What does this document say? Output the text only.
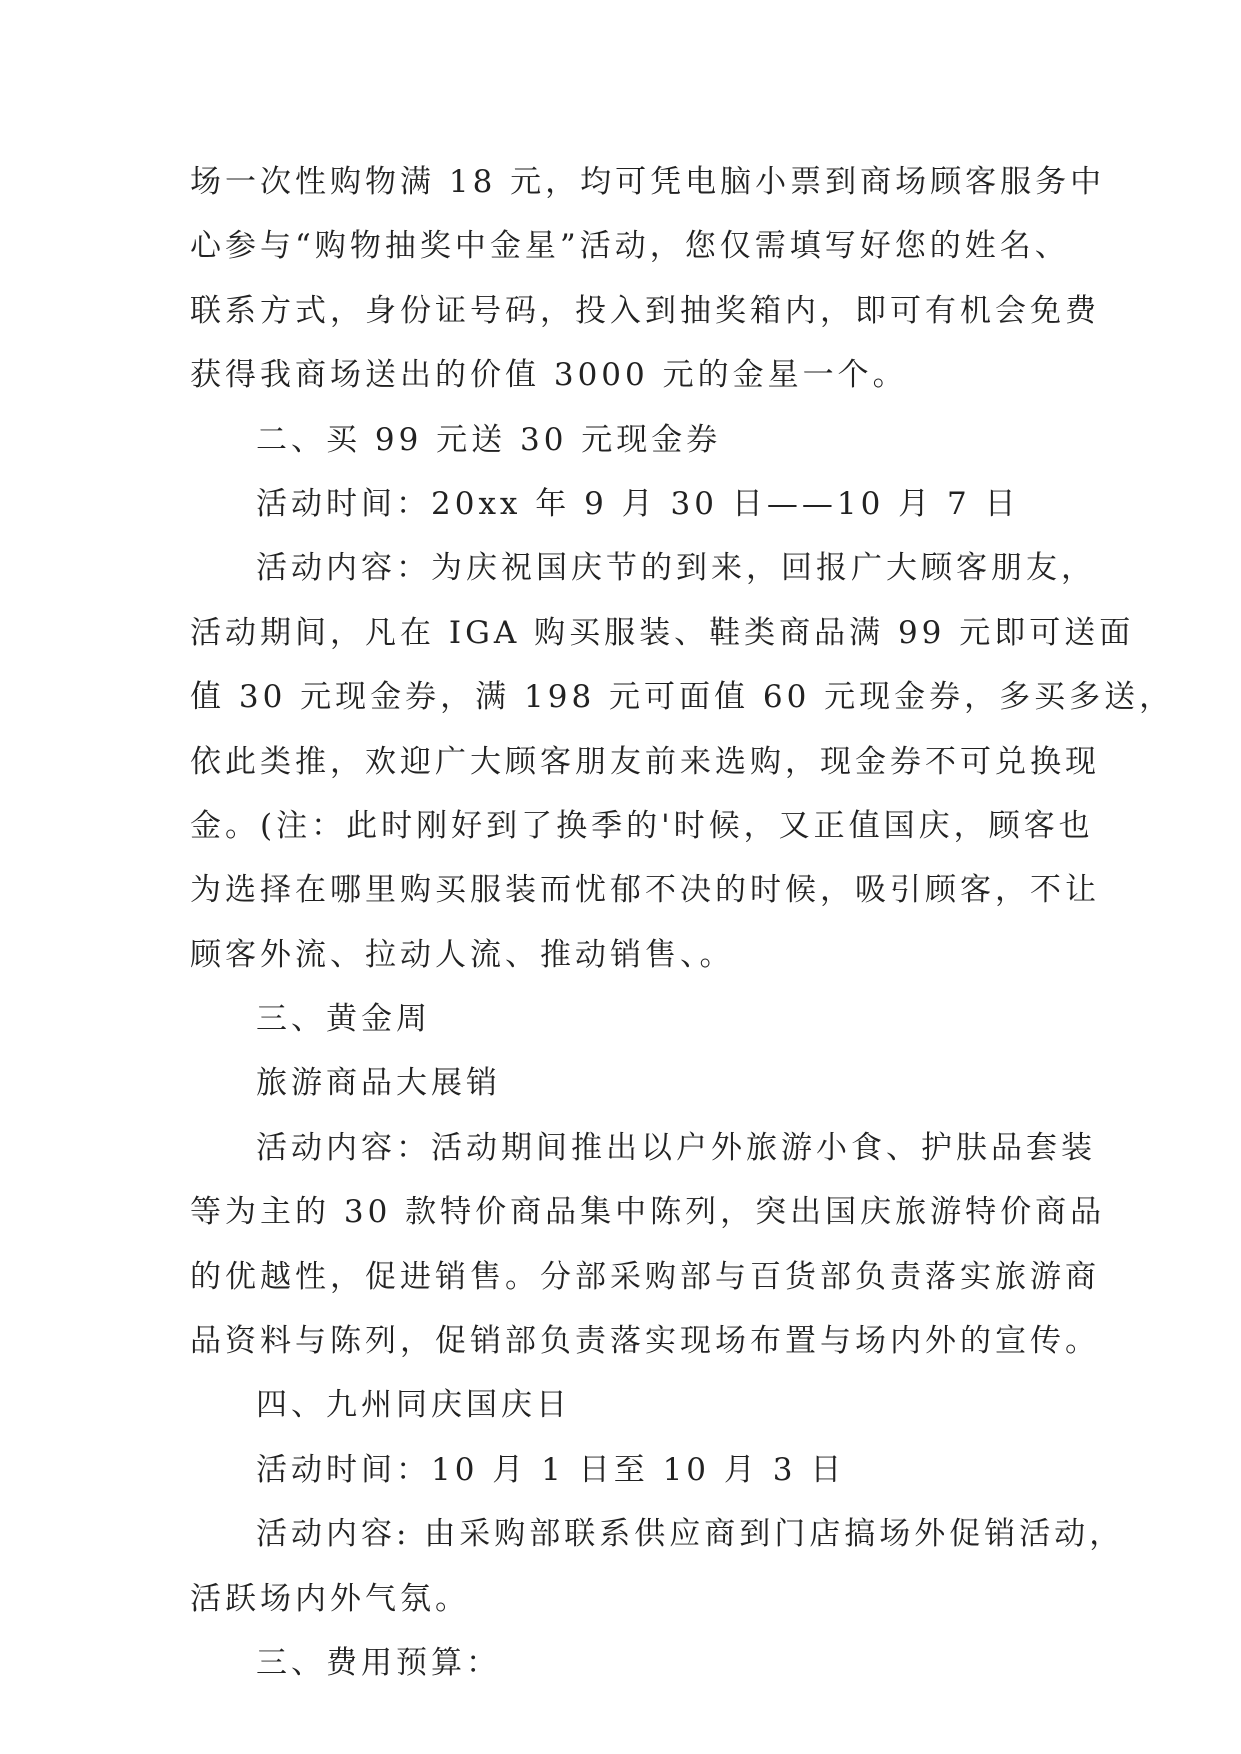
场一次性购物满 18 元，均可凭电脑小票到商场顾客服务中
心参与“购物抽奖中金星”活动，您仅需填写好您的姓名、
联系方式，身份证号码，投入到抽奖箱内，即可有机会免费
获得我商场送出的价值 3000 元的金星一个。
二、买 99 元送 30 元现金券
活动时间：20xx 年 9 月 30 日——10 月 7 日
活动内容：为庆祝国庆节的到来，回报广大顾客朋友，
活动期间，凡在 IGA 购买服装、鞋类商品满 99 元即可送面
值 30 元现金券，满 198 元可面值 60 元现金券，多买多送，
依此类推，欢迎广大顾客朋友前来选购，现金券不可兑换现
金。(注：此时刚好到了换季的'时候，又正值国庆，顾客也
为选择在哪里购买服装而忧郁不决的时候，吸引顾客，不让
顾客外流、拉动人流、推动销售、。
三、黄金周
旅游商品大展销
活动内容：活动期间推出以户外旅游小食、护肤品套装
等为主的 30 款特价商品集中陈列，突出国庆旅游特价商品
的优越性，促进销售。分部采购部与百货部负责落实旅游商
品资料与陈列，促销部负责落实现场布置与场内外的宣传。
四、九州同庆国庆日
活动时间：10 月 1 日至 10 月 3 日
活动内容: 由采购部联系供应商到门店搞场外促销活动，
活跃场内外气氛。
三、费用预算：
